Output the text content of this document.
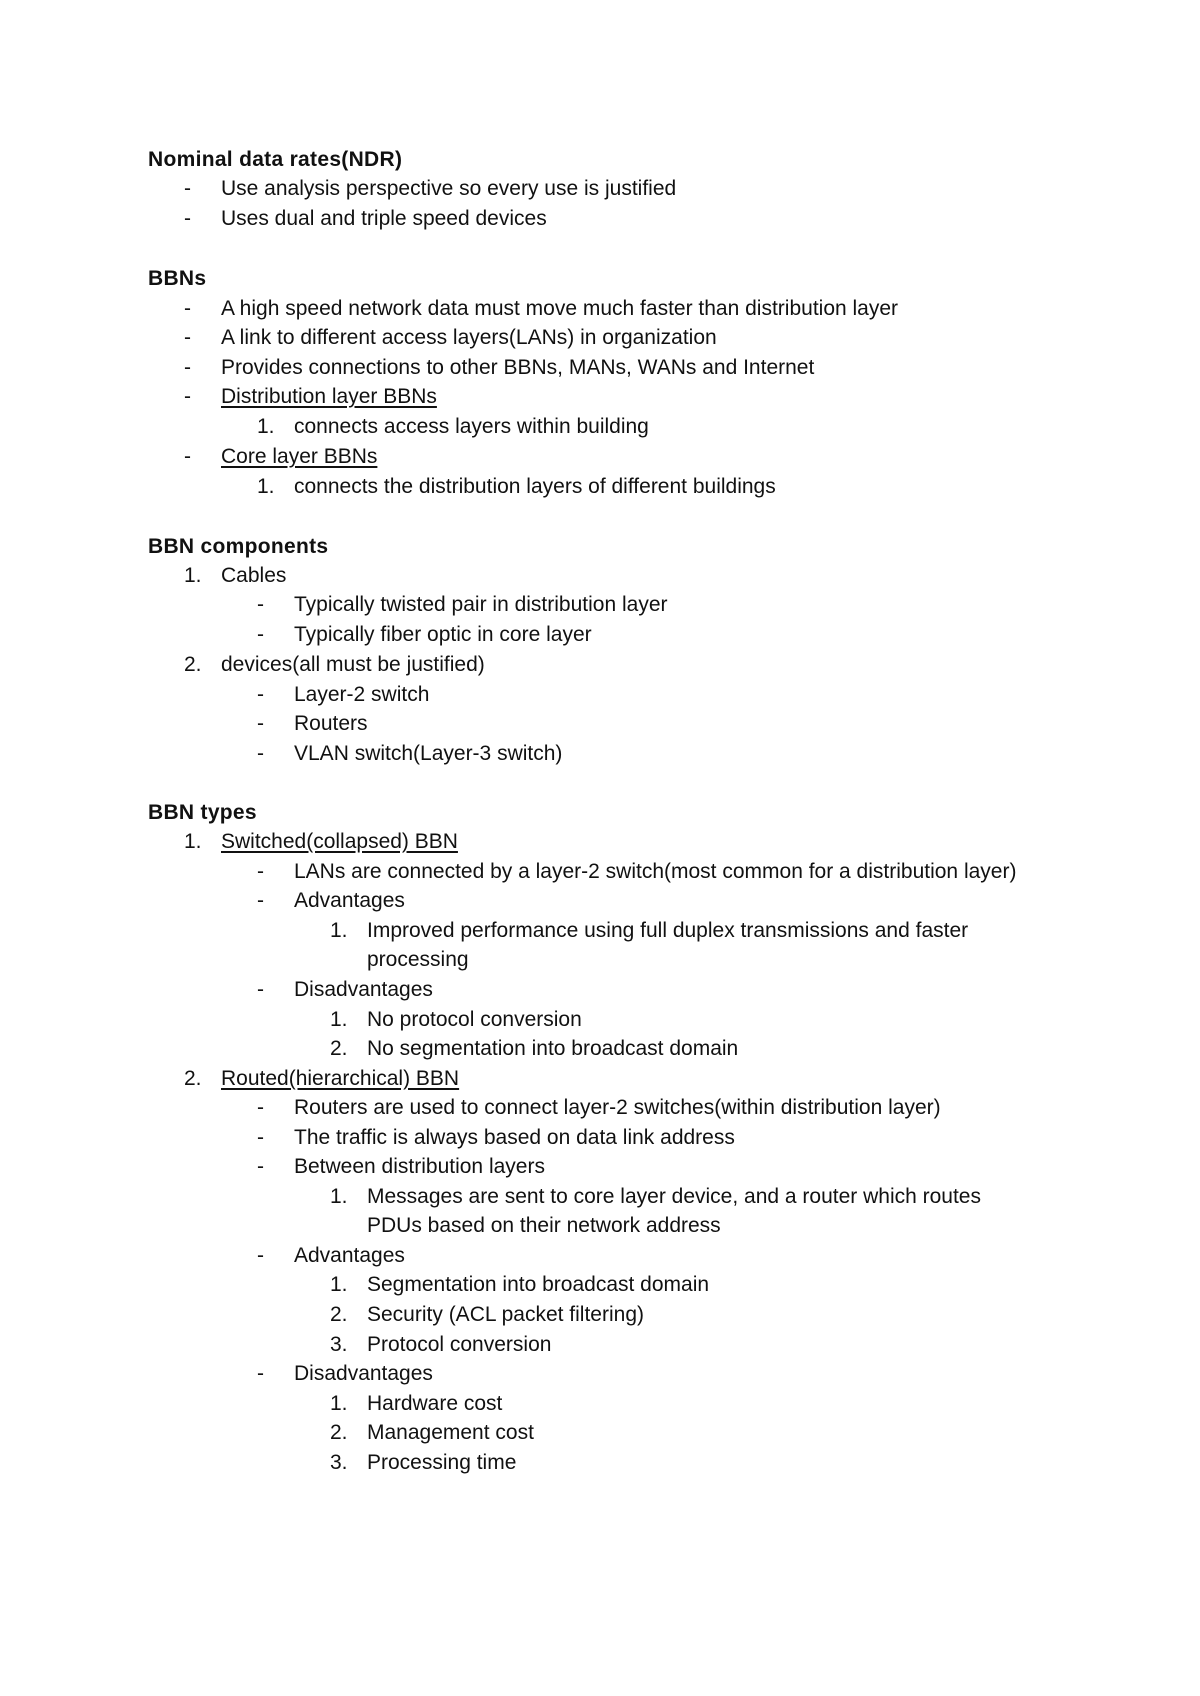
Nominal data rates(NDR)
- Use analysis perspective so every use is justified
- Uses dual and triple speed devices
BBNs
- A high speed network data must move much faster than distribution layer
- A link to different access layers(LANs) in organization
- Provides connections to other BBNs, MANs, WANs and Internet
- Distribution layer BBNs
1. connects access layers within building
- Core layer BBNs
1. connects the distribution layers of different buildings
BBN components
1. Cables
- Typically twisted pair in distribution layer
- Typically fiber optic in core layer
2. devices(all must be justified)
- Layer-2 switch
- Routers
- VLAN switch(Layer-3 switch)
BBN types
1. Switched(collapsed) BBN
- LANs are connected by a layer-2 switch(most common for a distribution layer)
- Advantages
1. Improved performance using full duplex transmissions and faster
processing
- Disadvantages
1. No protocol conversion
2. No segmentation into broadcast domain
2. Routed(hierarchical) BBN
- Routers are used to connect layer-2 switches(within distribution layer)
- The traffic is always based on data link address
- Between distribution layers
1. Messages are sent to core layer device, and a router which routes
PDUs based on their network address
- Advantages
1. Segmentation into broadcast domain
2. Security (ACL packet filtering)
3. Protocol conversion
- Disadvantages
1. Hardware cost
2. Management cost
3. Processing time
